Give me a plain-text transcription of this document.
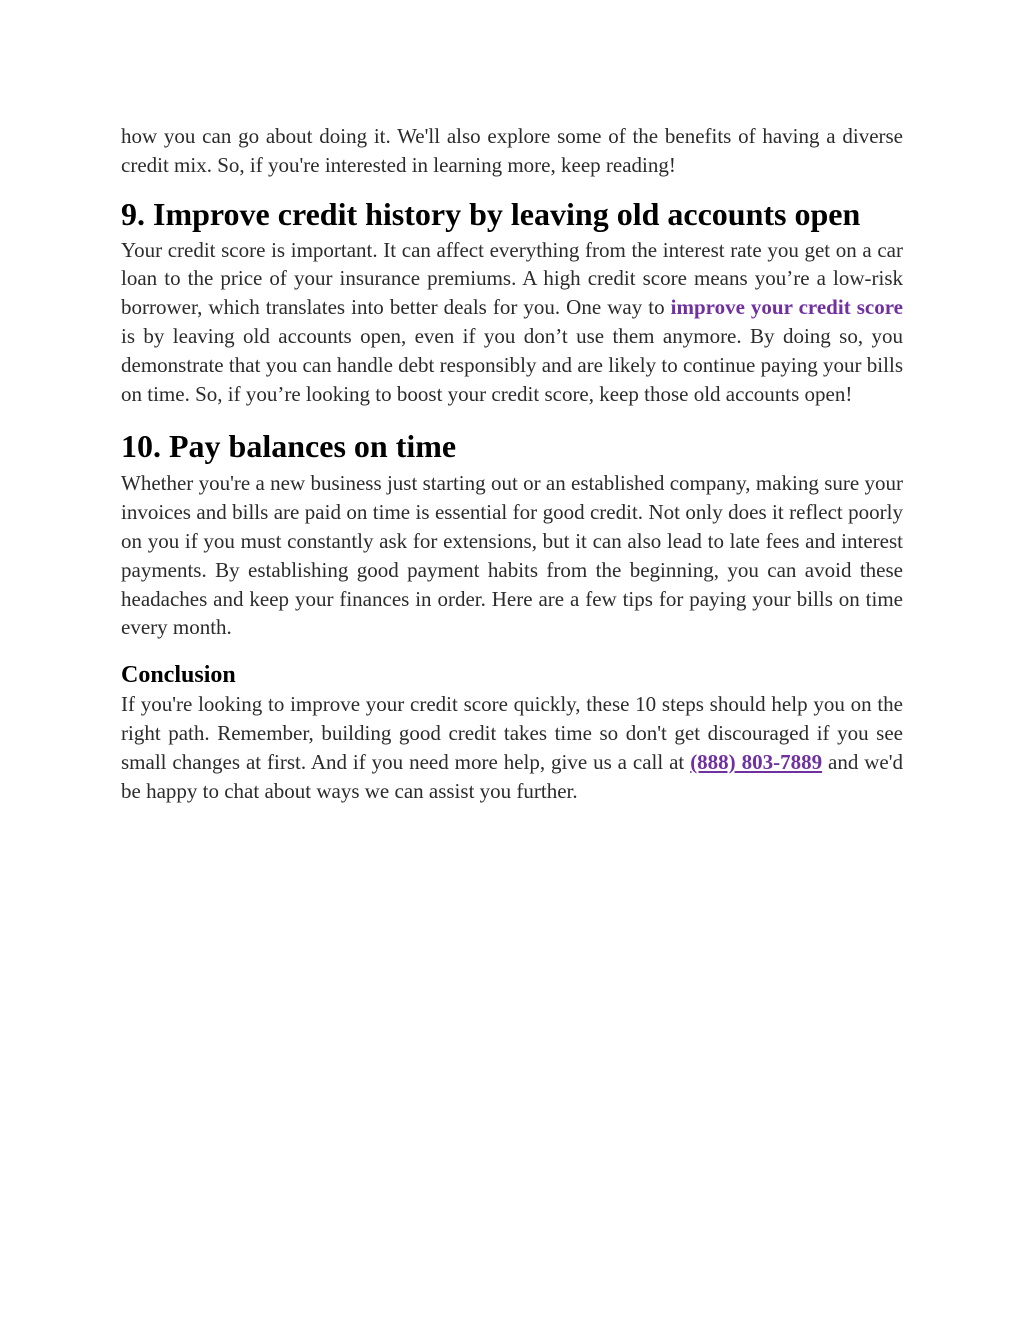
how you can go about doing it. We'll also explore some of the benefits of having a diverse credit mix. So, if you're interested in learning more, keep reading!

9. Improve credit history by leaving old accounts open

Your credit score is important. It can affect everything from the interest rate you get on a car loan to the price of your insurance premiums. A high credit score means you’re a low-risk borrower, which translates into better deals for you. One way to improve your credit score is by leaving old accounts open, even if you don’t use them anymore. By doing so, you demonstrate that you can handle debt responsibly and are likely to continue paying your bills on time. So, if you’re looking to boost your credit score, keep those old accounts open!

10. Pay balances on time

Whether you're a new business just starting out or an established company, making sure your invoices and bills are paid on time is essential for good credit. Not only does it reflect poorly on you if you must constantly ask for extensions, but it can also lead to late fees and interest payments. By establishing good payment habits from the beginning, you can avoid these headaches and keep your finances in order. Here are a few tips for paying your bills on time every month.

Conclusion

If you're looking to improve your credit score quickly, these 10 steps should help you on the right path. Remember, building good credit takes time so don't get discouraged if you see small changes at first. And if you need more help, give us a call at (888) 803-7889 and we'd be happy to chat about ways we can assist you further.
